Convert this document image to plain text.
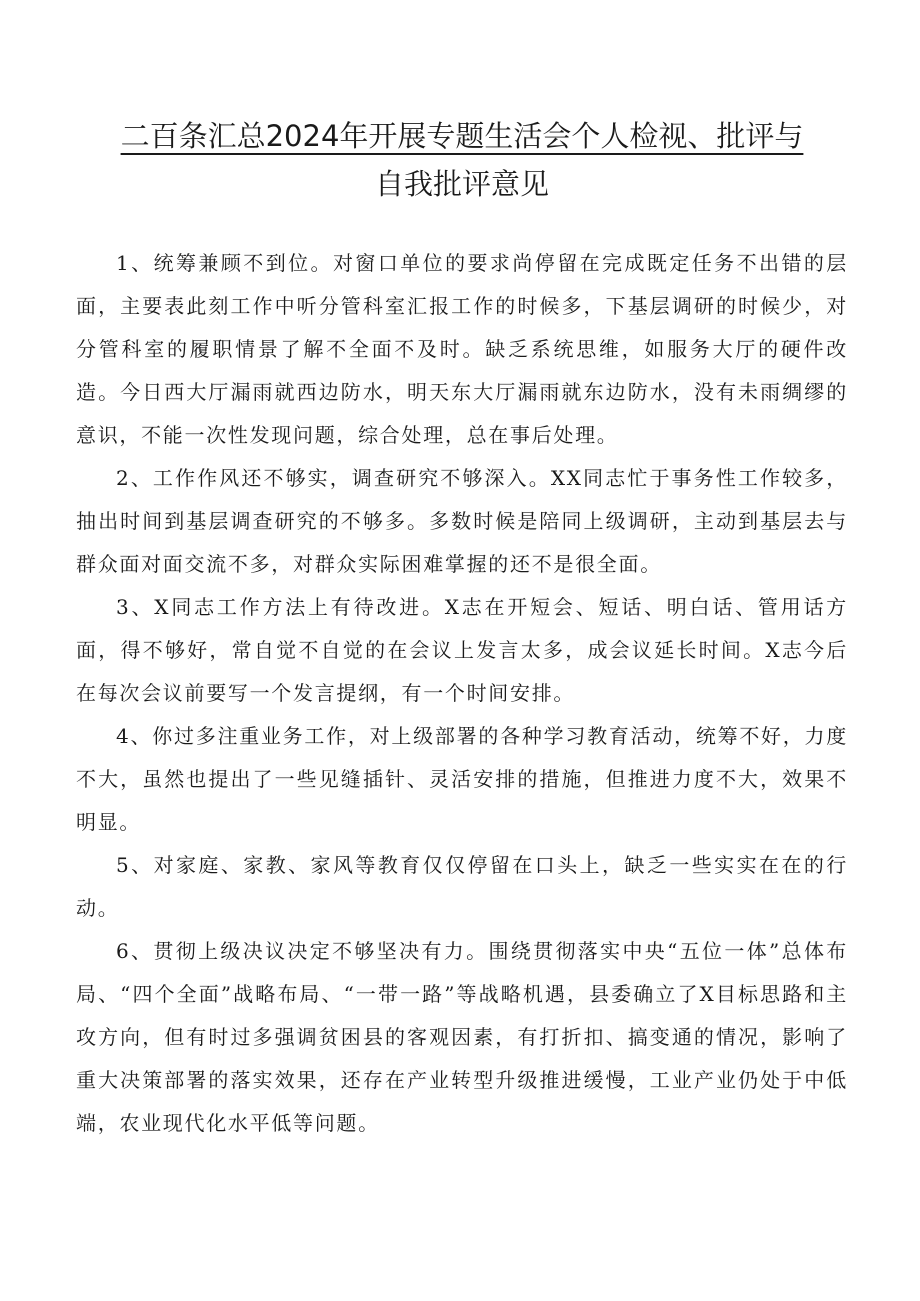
二百条汇总2024年开展专题生活会个人检视、批评与
自我批评意见

1、统筹兼顾不到位。对窗口单位的要求尚停留在完成既定任务不出错的层面，主要表此刻工作中听分管科室汇报工作的时候多，下基层调研的时候少，对分管科室的履职情景了解不全面不及时。缺乏系统思维，如服务大厅的硬件改造。今日西大厅漏雨就西边防水，明天东大厅漏雨就东边防水，没有未雨绸缪的意识，不能一次性发现问题，综合处理，总在事后处理。

2、工作作风还不够实，调查研究不够深入。XX同志忙于事务性工作较多，抽出时间到基层调查研究的不够多。多数时候是陪同上级调研，主动到基层去与群众面对面交流不多，对群众实际困难掌握的还不是很全面。

3、X同志工作方法上有待改进。X志在开短会、短话、明白话、管用话方面，得不够好，常自觉不自觉的在会议上发言太多，成会议延长时间。X志今后在每次会议前要写一个发言提纲，有一个时间安排。

4、你过多注重业务工作，对上级部署的各种学习教育活动，统筹不好，力度不大，虽然也提出了一些见缝插针、灵活安排的措施，但推进力度不大，效果不明显。

5、对家庭、家教、家风等教育仅仅停留在口头上，缺乏一些实实在在的行动。

6、贯彻上级决议决定不够坚决有力。围绕贯彻落实中央“五位一体”总体布局、“四个全面”战略布局、“一带一路”等战略机遇，县委确立了X目标思路和主攻方向，但有时过多强调贫困县的客观因素，有打折扣、搞变通的情况，影响了重大决策部署的落实效果，还存在产业转型升级推进缓慢，工业产业仍处于中低端，农业现代化水平低等问题。
